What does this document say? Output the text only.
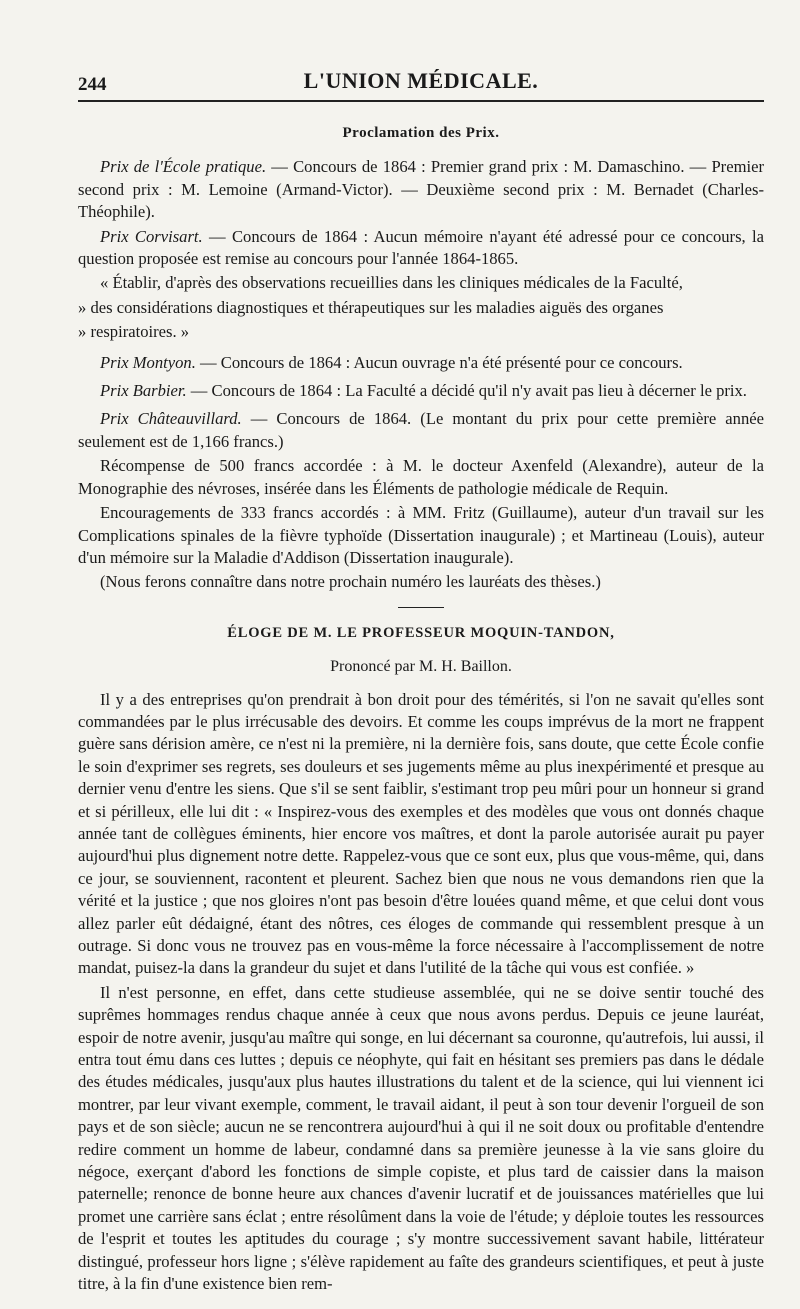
244	L'UNION MÉDICALE.
Proclamation des Prix.

Prix de l'École pratique. — Concours de 1864 : Premier grand prix : M. Damaschino. — Premier second prix : M. Lemoine (Armand-Victor). — Deuxième second prix : M. Bernadet (Charles-Théophile).

Prix Corvisart. — Concours de 1864 : Aucun mémoire n'ayant été adressé pour ce concours, la question proposée est remise au concours pour l'année 1864-1865.

« Établir, d'après des observations recueillies dans les cliniques médicales de la Faculté,

» des considérations diagnostiques et thérapeutiques sur les maladies aiguës des organes

» respiratoires. »

Prix Montyon. — Concours de 1864 : Aucun ouvrage n'a été présenté pour ce concours.

Prix Barbier. — Concours de 1864 : La Faculté a décidé qu'il n'y avait pas lieu à décerner le prix.

Prix Châteauvillard. — Concours de 1864. (Le montant du prix pour cette première année seulement est de 1,166 francs.)

Récompense de 500 francs accordée : à M. le docteur Axenfeld (Alexandre), auteur de la Monographie des névroses, insérée dans les Éléments de pathologie médicale de Requin.

Encouragements de 333 francs accordés : à MM. Fritz (Guillaume), auteur d'un travail sur les Complications spinales de la fièvre typhoïde (Dissertation inaugurale) ; et Martineau (Louis), auteur d'un mémoire sur la Maladie d'Addison (Dissertation inaugurale).

(Nous ferons connaître dans notre prochain numéro les lauréats des thèses.)

ÉLOGE DE M. LE PROFESSEUR MOQUIN-TANDON,
Prononcé par M. H. Baillon.

Il y a des entreprises qu'on prendrait à bon droit pour des témérités, si l'on ne savait qu'elles sont commandées par le plus irrécusable des devoirs. Et comme les coups imprévus de la mort ne frappent guère sans dérision amère, ce n'est ni la première, ni la dernière fois, sans doute, que cette École confie le soin d'exprimer ses regrets, ses douleurs et ses jugements même au plus inexpérimenté et presque au dernier venu d'entre les siens. Que s'il se sent faiblir, s'estimant trop peu mûri pour un honneur si grand et si périlleux, elle lui dit : « Inspirez-vous des exemples et des modèles que vous ont donnés chaque année tant de collègues éminents, hier encore vos maîtres, et dont la parole autorisée aurait pu payer aujourd'hui plus dignement notre dette. Rappelez-vous que ce sont eux, plus que vous-même, qui, dans ce jour, se souviennent, racontent et pleurent. Sachez bien que nous ne vous demandons rien que la vérité et la justice ; que nos gloires n'ont pas besoin d'être louées quand même, et que celui dont vous allez parler eût dédaigné, étant des nôtres, ces éloges de commande qui ressemblent presque à un outrage. Si donc vous ne trouvez pas en vous-même la force nécessaire à l'accomplissement de notre mandat, puisez-la dans la grandeur du sujet et dans l'utilité de la tâche qui vous est confiée. »

Il n'est personne, en effet, dans cette studieuse assemblée, qui ne se doive sentir touché des suprêmes hommages rendus chaque année à ceux que nous avons perdus. Depuis ce jeune lauréat, espoir de notre avenir, jusqu'au maître qui songe, en lui décernant sa couronne, qu'autrefois, lui aussi, il entra tout ému dans ces luttes ; depuis ce néophyte, qui fait en hésitant ses premiers pas dans le dédale des études médicales, jusqu'aux plus hautes illustrations du talent et de la science, qui lui viennent ici montrer, par leur vivant exemple, comment, le travail aidant, il peut à son tour devenir l'orgueil de son pays et de son siècle; aucun ne se rencontrera aujourd'hui à qui il ne soit doux ou profitable d'entendre redire comment un homme de labeur, condamné dans sa première jeunesse à la vie sans gloire du négoce, exerçant d'abord les fonctions de simple copiste, et plus tard de caissier dans la maison paternelle; renonce de bonne heure aux chances d'avenir lucratif et de jouissances matérielles que lui promet une carrière sans éclat ; entre résolûment dans la voie de l'étude; y déploie toutes les ressources de l'esprit et toutes les aptitudes du courage ; s'y montre successivement savant habile, littérateur distingué, professeur hors ligne ; s'élève rapidement au faîte des grandeurs scientifiques, et peut à juste titre, à la fin d'une existence bien rem-
